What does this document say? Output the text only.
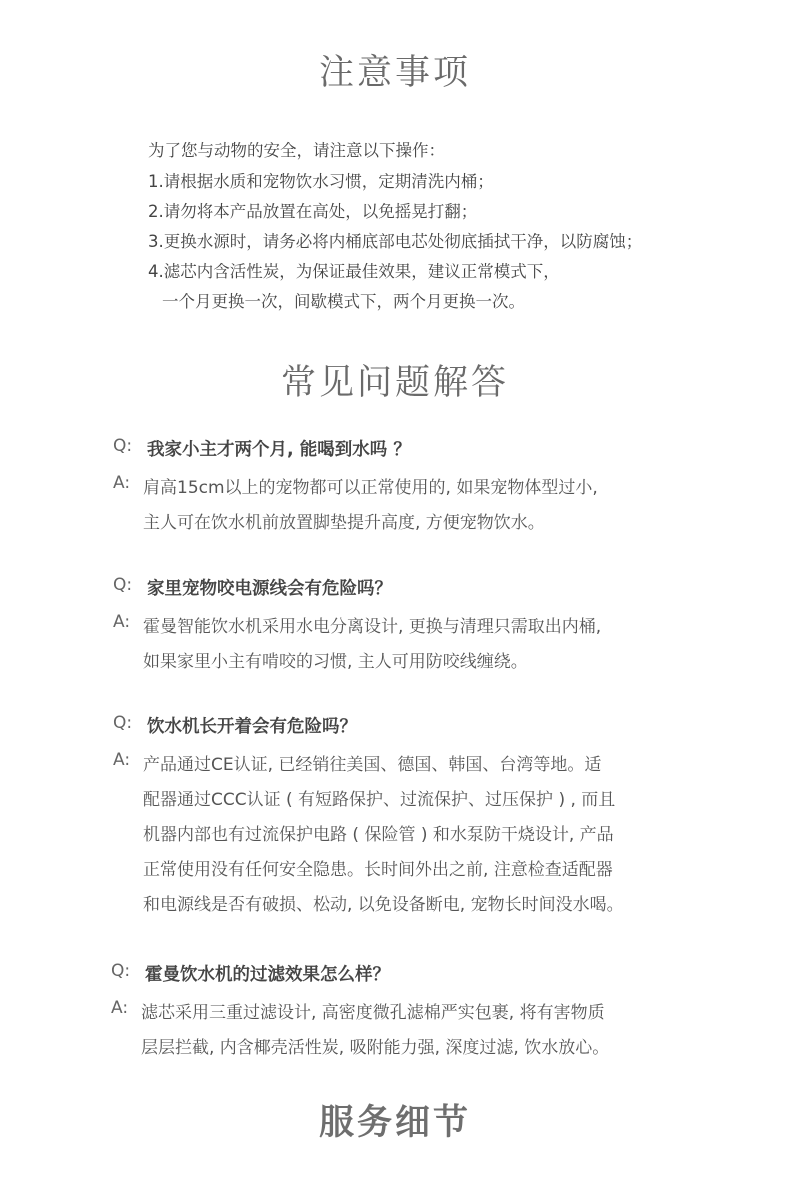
注意事项
为了您与动物的安全，请注意以下操作：
1.请根据水质和宠物饮水习惯，定期清洗内桶；
2.请勿将本产品放置在高处，以免摇晃打翻；
3.更换水源时，请务必将内桶底部电芯处彻底插拭干净，以防腐蚀；
4.滤芯内含活性炭，为保证最佳效果，建议正常模式下，
一个月更换一次，间歇模式下，两个月更换一次。
常见问题解答
Q: 我家小主才两个月, 能喝到水吗 ？
A: 肩高15cm以上的宠物都可以正常使用的, 如果宠物体型过小,
主人可在饮水机前放置脚垫提升高度, 方便宠物饮水。
Q: 家里宠物咬电源线会有危险吗？
A: 霍曼智能饮水机采用水电分离设计, 更换与清理只需取出内桶,
如果家里小主有啃咬的习惯, 主人可用防咬线缠绕。
Q: 饮水机长开着会有危险吗？
A: 产品通过CE认证, 已经销往美国、德国、韩国、台湾等地。适
配器通过CCC认证 ( 有短路保护、过流保护、过压保护 ) , 而且
机器内部也有过流保护电路 ( 保险管 ) 和水泵防干烧设计, 产品
正常使用没有任何安全隐患。长时间外出之前, 注意检查适配器
和电源线是否有破损、松动, 以免设备断电, 宠物长时间没水喝。
Q: 霍曼饮水机的过滤效果怎么样？
A: 滤芯采用三重过滤设计, 高密度微孔滤棉严实包裹, 将有害物质
层层拦截, 内含椰壳活性炭, 吸附能力强, 深度过滤, 饮水放心。
服务细节
